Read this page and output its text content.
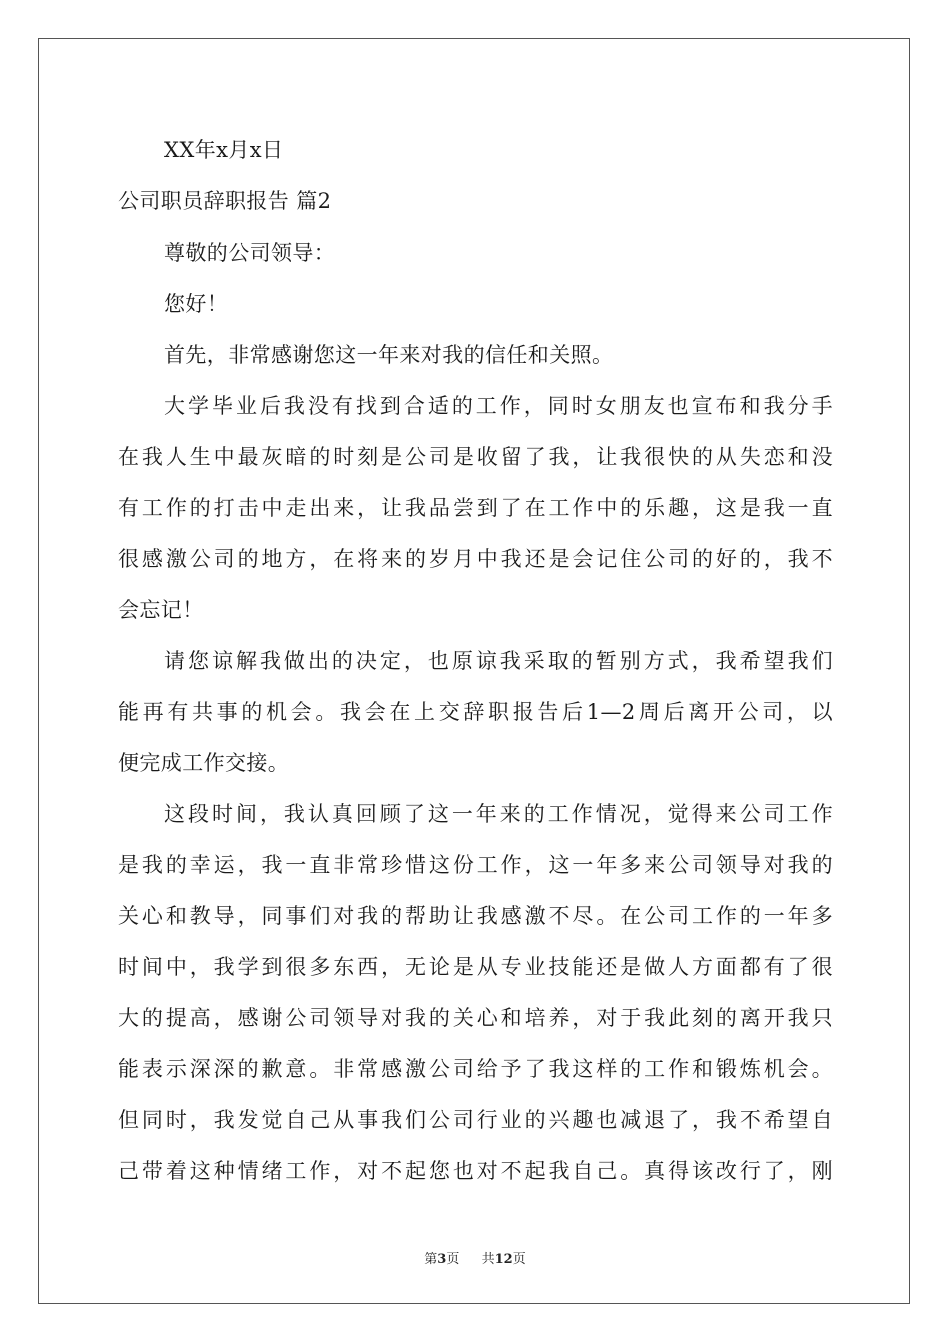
XX年x月x日
公司职员辞职报告 篇2
尊敬的公司领导：
您好！
首先，非常感谢您这一年来对我的信任和关照。
大学毕业后我没有找到合适的工作，同时女朋友也宣布和我分手
在我人生中最灰暗的时刻是公司是收留了我，让我很快的从失恋和没
有工作的打击中走出来，让我品尝到了在工作中的乐趣，这是我一直
很感激公司的地方，在将来的岁月中我还是会记住公司的好的，我不
会忘记！
请您谅解我做出的决定，也原谅我采取的暂别方式，我希望我们
能再有共事的机会。我会在上交辞职报告后1—2周后离开公司，以
便完成工作交接。
这段时间，我认真回顾了这一年来的工作情况，觉得来公司工作
是我的幸运，我一直非常珍惜这份工作，这一年多来公司领导对我的
关心和教导，同事们对我的帮助让我感激不尽。在公司工作的一年多
时间中，我学到很多东西，无论是从专业技能还是做人方面都有了很
大的提高，感谢公司领导对我的关心和培养，对于我此刻的离开我只
能表示深深的歉意。非常感激公司给予了我这样的工作和锻炼机会。
但同时，我发觉自己从事我们公司行业的兴趣也减退了，我不希望自
己带着这种情绪工作，对不起您也对不起我自己。真得该改行了，刚
第3页 共12页
